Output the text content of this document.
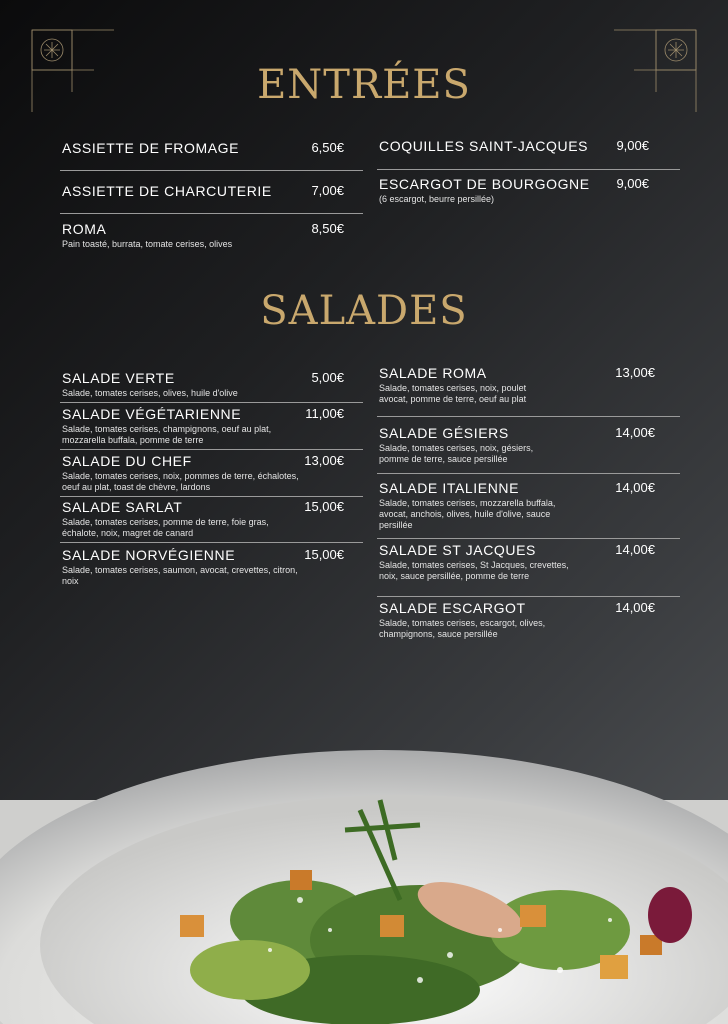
ENTRÉES
ASSIETTE DE FROMAGE	6,50€
ASSIETTE DE CHARCUTERIE	7,00€
ROMA	8,50€
Pain toasté, burrata, tomate cerises, olives
COQUILLES SAINT-JACQUES	9,00€
ESCARGOT DE BOURGOGNE	9,00€
(6 escargot, beurre persillée)
SALADES
SALADE VERTE	5,00€
Salade, tomates cerises, olives, huile d'olive
SALADE VÉGÉTARIENNE	11,00€
Salade, tomates cerises, champignons, oeuf au plat, mozzarella buffala, pomme de terre
SALADE DU CHEF	13,00€
Salade, tomates cerises, noix, pommes de terre, échalotes, oeuf au plat, toast de chèvre, lardons
SALADE SARLAT	15,00€
Salade, tomates cerises, pomme de terre, foie gras, échalote, noix, magret de canard
SALADE NORVÉGIENNE	15,00€
Salade, tomates cerises, saumon, avocat, crevettes, citron, noix
SALADE ROMA	13,00€
Salade, tomates cerises, noix, poulet avocat, pomme de terre, oeuf au plat
SALADE GÉSIERS	14,00€
Salade, tomates cerises, noix, gésiers, pomme de terre, sauce persillée
SALADE ITALIENNE	14,00€
Salade, tomates cerises, mozzarella buffala, avocat, anchois, olives, huile d'olive, sauce persillée
SALADE ST JACQUES	14,00€
Salade, tomates cerises, St Jacques, crevettes, noix, sauce persillée, pomme de terre
SALADE ESCARGOT	14,00€
Salade, tomates cerises, escargot, olives, champignons, sauce persillée
